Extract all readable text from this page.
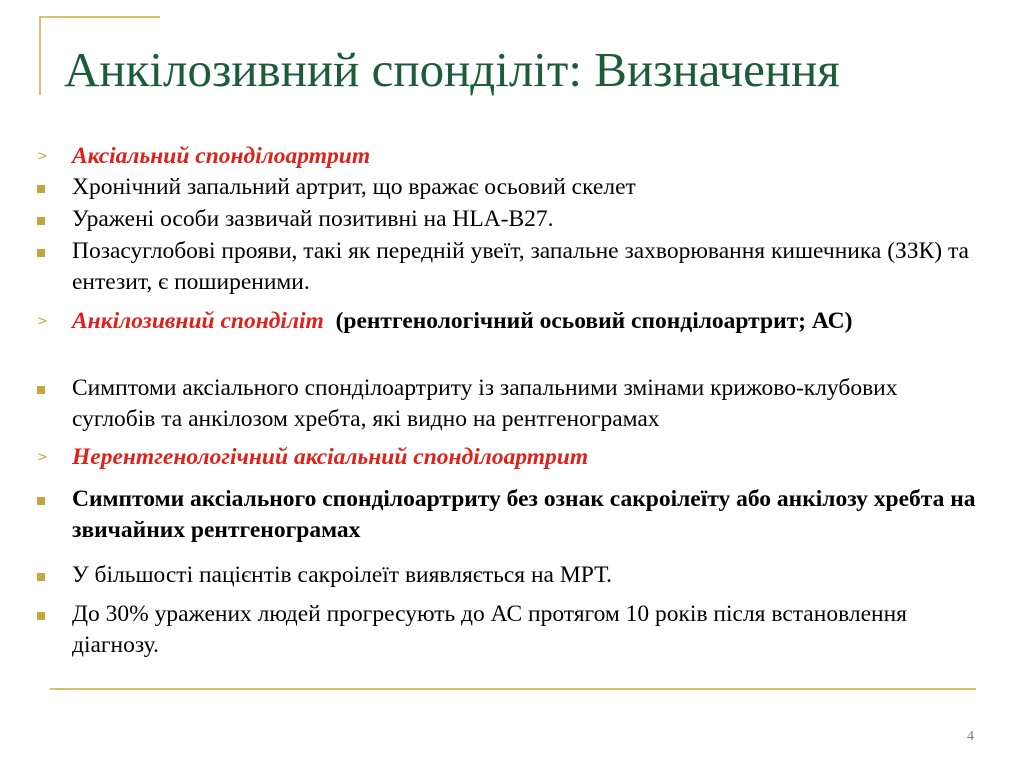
Анкілозивний спонділіт: Визначення
> Аксіальний спонділоартрит
Хронічний запальний артрит, що вражає осьовий скелет
Уражені особи зазвичай позитивні на HLA-B27.
Позасуглобові прояви, такі як передній увеїт, запальне захворювання кишечника (ЗЗК) та ентезит, є поширеними.
> Анкілозивний спонділіт (рентгенологічний осьовий спонділоартрит; АС)
Симптоми аксіального спонділоартриту із запальними змінами крижово-клубових суглобів та анкілозом хребта, які видно на рентгенограмах
> Нерентгенологічний аксіальний спонділоартрит
Симптоми аксіального спонділоартриту без ознак сакроілеїту або анкілозу хребта на звичайних рентгенограмах
У більшості пацієнтів сакроілеїт виявляється на МРТ.
До 30% уражених людей прогресують до АС протягом 10 років після встановлення діагнозу.
4
